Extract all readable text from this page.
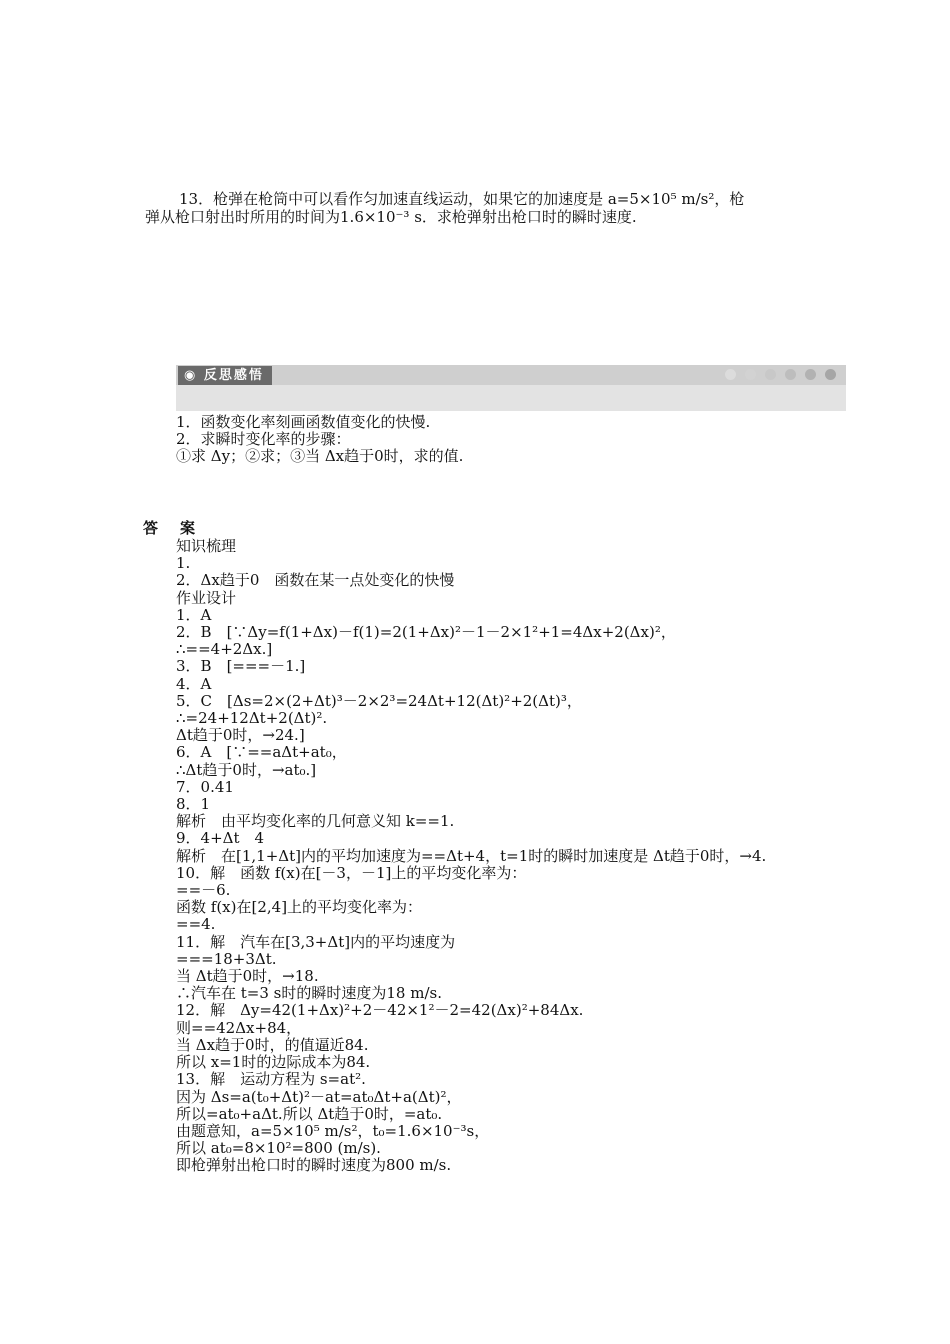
13．枪弹在枪筒中可以看作匀加速直线运动，如果它的加速度是 a=5×10⁵ m/s²，枪
弹从枪口射出时所用的时间为1.6×10⁻³ s．求枪弹射出枪口时的瞬时速度.
◉ 反思感悟
1．函数变化率刻画函数值变化的快慢.
2．求瞬时变化率的步骤：
①求 Δy；②求；③当 Δx趋于0时，求的值.
答案
知识梳理
1.
2．Δx趋于0　函数在某一点处变化的快慢
作业设计
1．A
2．B　[∵Δy=f(1+Δx)－f(1)=2(1+Δx)²－1－2×1²+1=4Δx+2(Δx)²，
∴==4+2Δx.]
3．B　[===－1.]
4．A
5．C　[Δs=2×(2+Δt)³－2×2³=24Δt+12(Δt)²+2(Δt)³，
∴=24+12Δt+2(Δt)².
Δt趋于0时，→24.]
6．A　[∵==aΔt+at₀，
∴Δt趋于0时，→at₀.]
7．0.41
8．1
解析　由平均变化率的几何意义知 k==1.
9．4+Δt　4
解析　在[1,1+Δt]内的平均加速度为==Δt+4，t=1时的瞬时加速度是 Δt趋于0时，→4.
10．解　函数 f(x)在[－3，－1]上的平均变化率为：
==－6.
函数 f(x)在[2,4]上的平均变化率为：
==4.
11．解　汽车在[3,3+Δt]内的平均速度为
===18+3Δt.
当 Δt趋于0时，→18.
∴汽车在 t=3 s时的瞬时速度为18 m/s.
12．解　Δy=42(1+Δx)²+2－42×1²－2=42(Δx)²+84Δx.
则==42Δx+84，
当 Δx趋于0时，的值逼近84.
所以 x=1时的边际成本为84.
13．解　运动方程为 s=at².
因为 Δs=a(t₀+Δt)²－at=at₀Δt+a(Δt)²，
所以=at₀+aΔt.所以 Δt趋于0时，=at₀.
由题意知，a=5×10⁵ m/s²，t₀=1.6×10⁻³s，
所以 at₀=8×10²=800 (m/s).
即枪弹射出枪口时的瞬时速度为800 m/s.
